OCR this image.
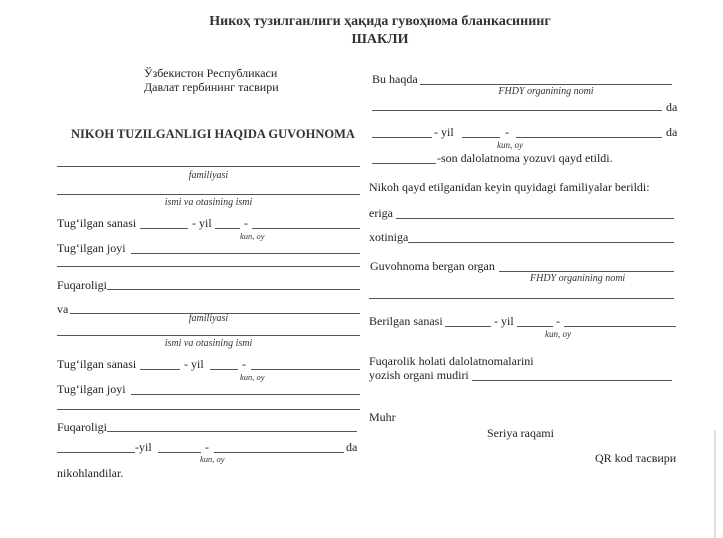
Никоҳ тузилганлиги ҳақида гувоҳнома бланкасининг
ШАКЛИ
Ўзбекистон Республикаси
Давлат гербининг тасвири
NIKOH TUZILGANLIGI HAQIDA GUVOHNOMA
familiyasi
ismi va otasining ismi
Tug‘ilgan sanasi	- yil	-
kun, oy
Tug‘ilgan joyi
Fuqaroligi
va
familiyasi
ismi va otasining ismi
Tug‘ilgan sanasi	- yil	-
kun, oy
Tug‘ilgan joyi
Fuqaroligi
-yil	-	da
kun, oy
nikohlandilar.
Bu haqda
FHDY organining nomi
da
- yil	-	da
kun, oy
-son dalolatnoma yozuvi qayd etildi.
Nikoh qayd etilganidan keyin quyidagi familiyalar berildi:
eriga
xotiniga
Guvohnoma bergan organ
FHDY organining nomi
Berilgan sanasi	- yil	-
kun, oy
Fuqarolik holati dalolatnomalarini
yozish organi mudiri
Muhr
Seriya raqami
QR kod тасвири
